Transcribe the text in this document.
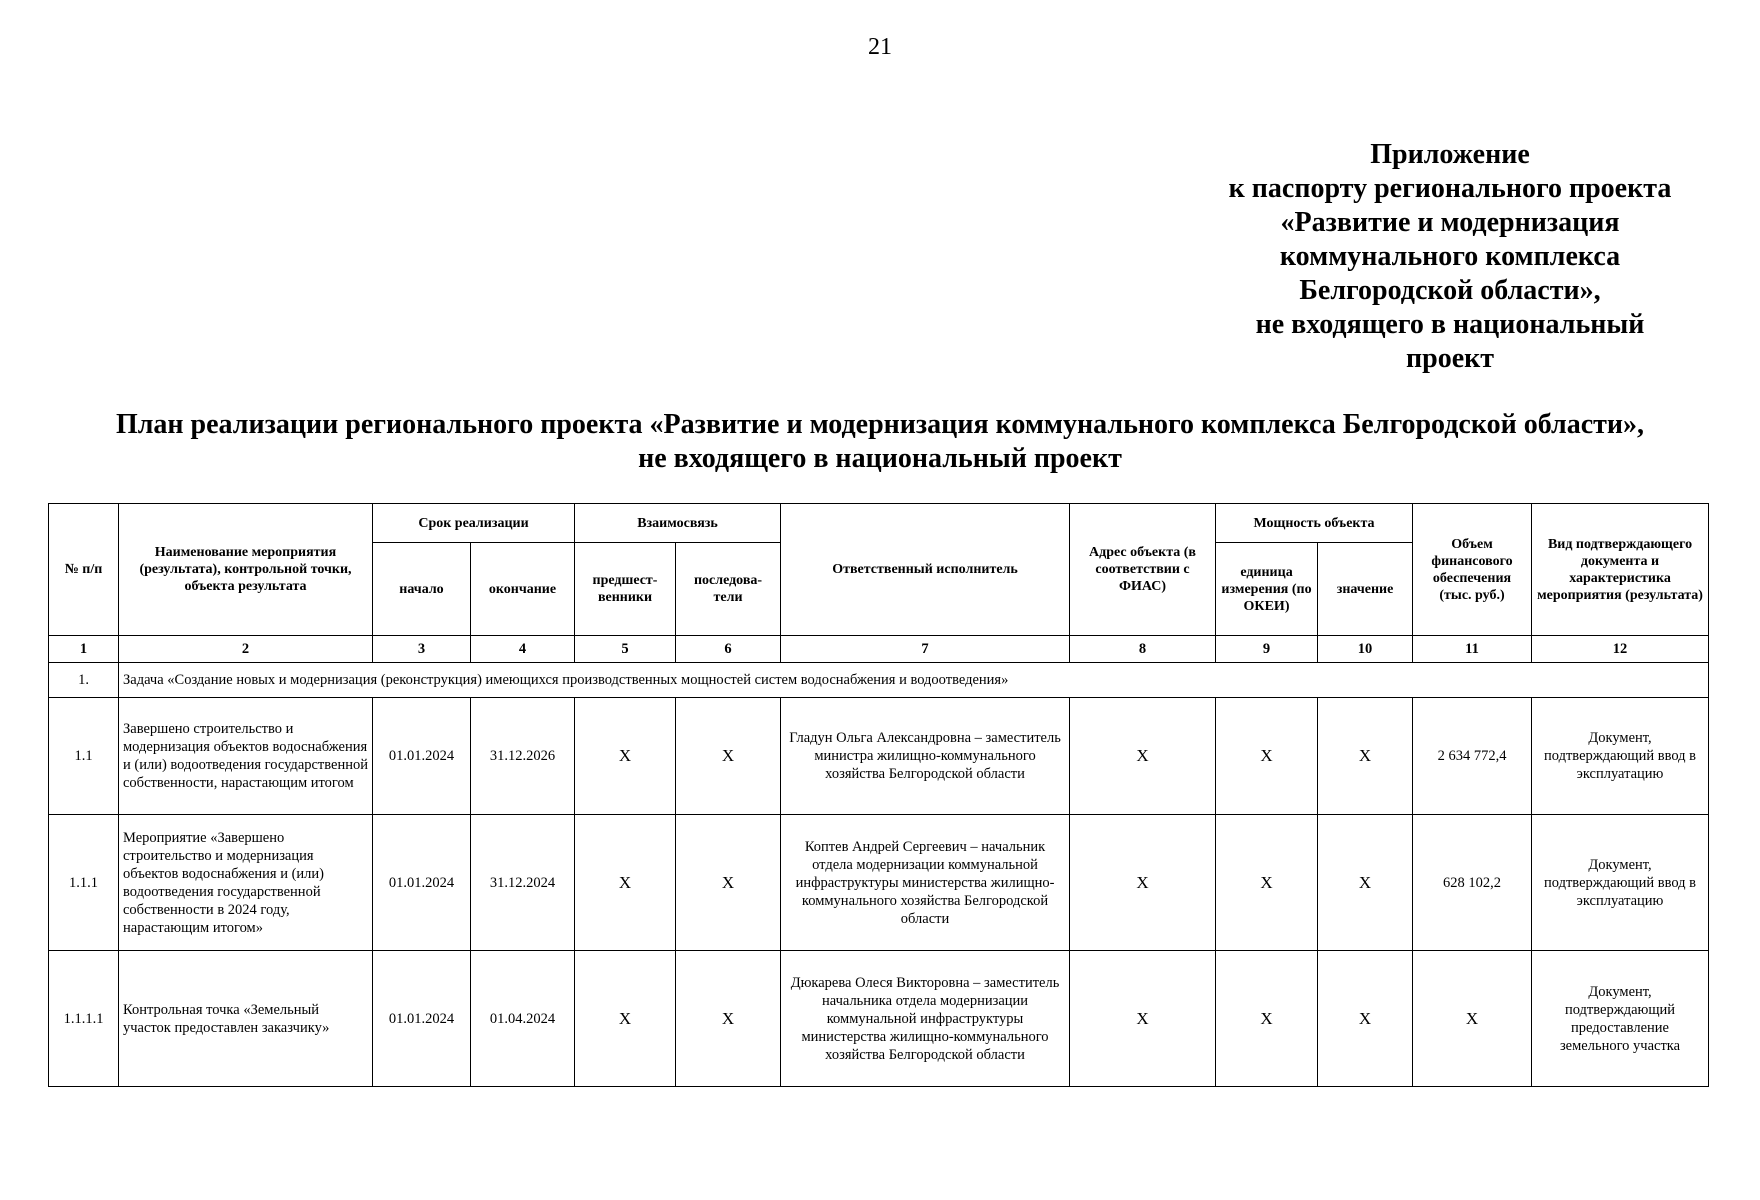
21
Приложение
к паспорту регионального проекта
«Развитие и модернизация
коммунального комплекса
Белгородской области»,
не входящего в национальный
проект
План реализации регионального проекта «Развитие и модернизация коммунального комплекса Белгородской области»,
не входящего в национальный проект
№ п/п	Наименование мероприятия (результата), контрольной точки, объекта результата	Срок реализации		Взаимосвязь		Ответственный исполнитель	Адрес объекта (в соответствии с ФИАС)	Мощность объекта		Объем финансового обеспечения (тыс. руб.)	Вид подтверждающего документа и характеристика мероприятия (результата)
		начало	окончание	предшест- венники	последова- тели			единица измерения (по ОКЕИ)	значение		
1	2	3	4	5	6	7	8	9	10	11	12
1.	Задача «Создание новых и модернизация (реконструкция) имеющихся производственных мощностей систем водоснабжения и водоотведения»										
1.1	Завершено строительство и модернизация объектов водоснабжения и (или) водоотведения государственной собственности, нарастающим итогом	01.01.2024	31.12.2026	Х	Х	Гладун Ольга Александровна – заместитель министра жилищно-коммунального хозяйства Белгородской области	Х	Х	Х	2 634 772,4	Документ, подтверждающий ввод в эксплуатацию
1.1.1	Мероприятие «Завершено строительство и модернизация объектов водоснабжения и (или) водоотведения государственной собственности в 2024 году, нарастающим итогом»	01.01.2024	31.12.2024	Х	Х	Коптев Андрей Сергеевич – начальник отдела модернизации коммунальной инфраструктуры министерства жилищно-коммунального хозяйства Белгородской области	Х	Х	Х	628 102,2	Документ, подтверждающий ввод в эксплуатацию
1.1.1.1	Контрольная точка «Земельный участок предоставлен заказчику»	01.01.2024	01.04.2024	Х	Х	Дюкарева Олеся Викторовна – заместитель начальника отдела модернизации коммунальной инфраструктуры министерства жилищно-коммунального хозяйства Белгородской области	Х	Х	Х	Х	Документ, подтверждающий предоставление земельного участка
